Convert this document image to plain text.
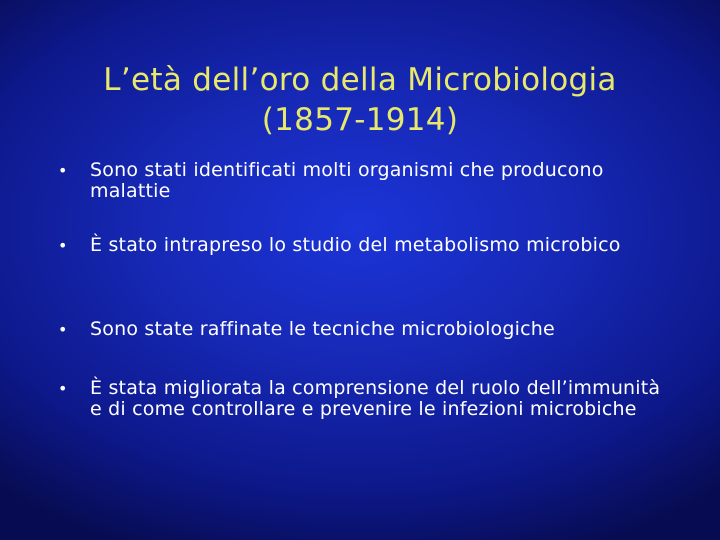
L’età dell’oro della Microbiologia
(1857-1914)
• Sono stati identificati molti organismi che producono malattie
• È stato intrapreso lo studio del metabolismo microbico
• Sono state raffinate le tecniche microbiologiche
• È stata migliorata la comprensione del ruolo dell’immunità e di come controllare e prevenire le infezioni microbiche
